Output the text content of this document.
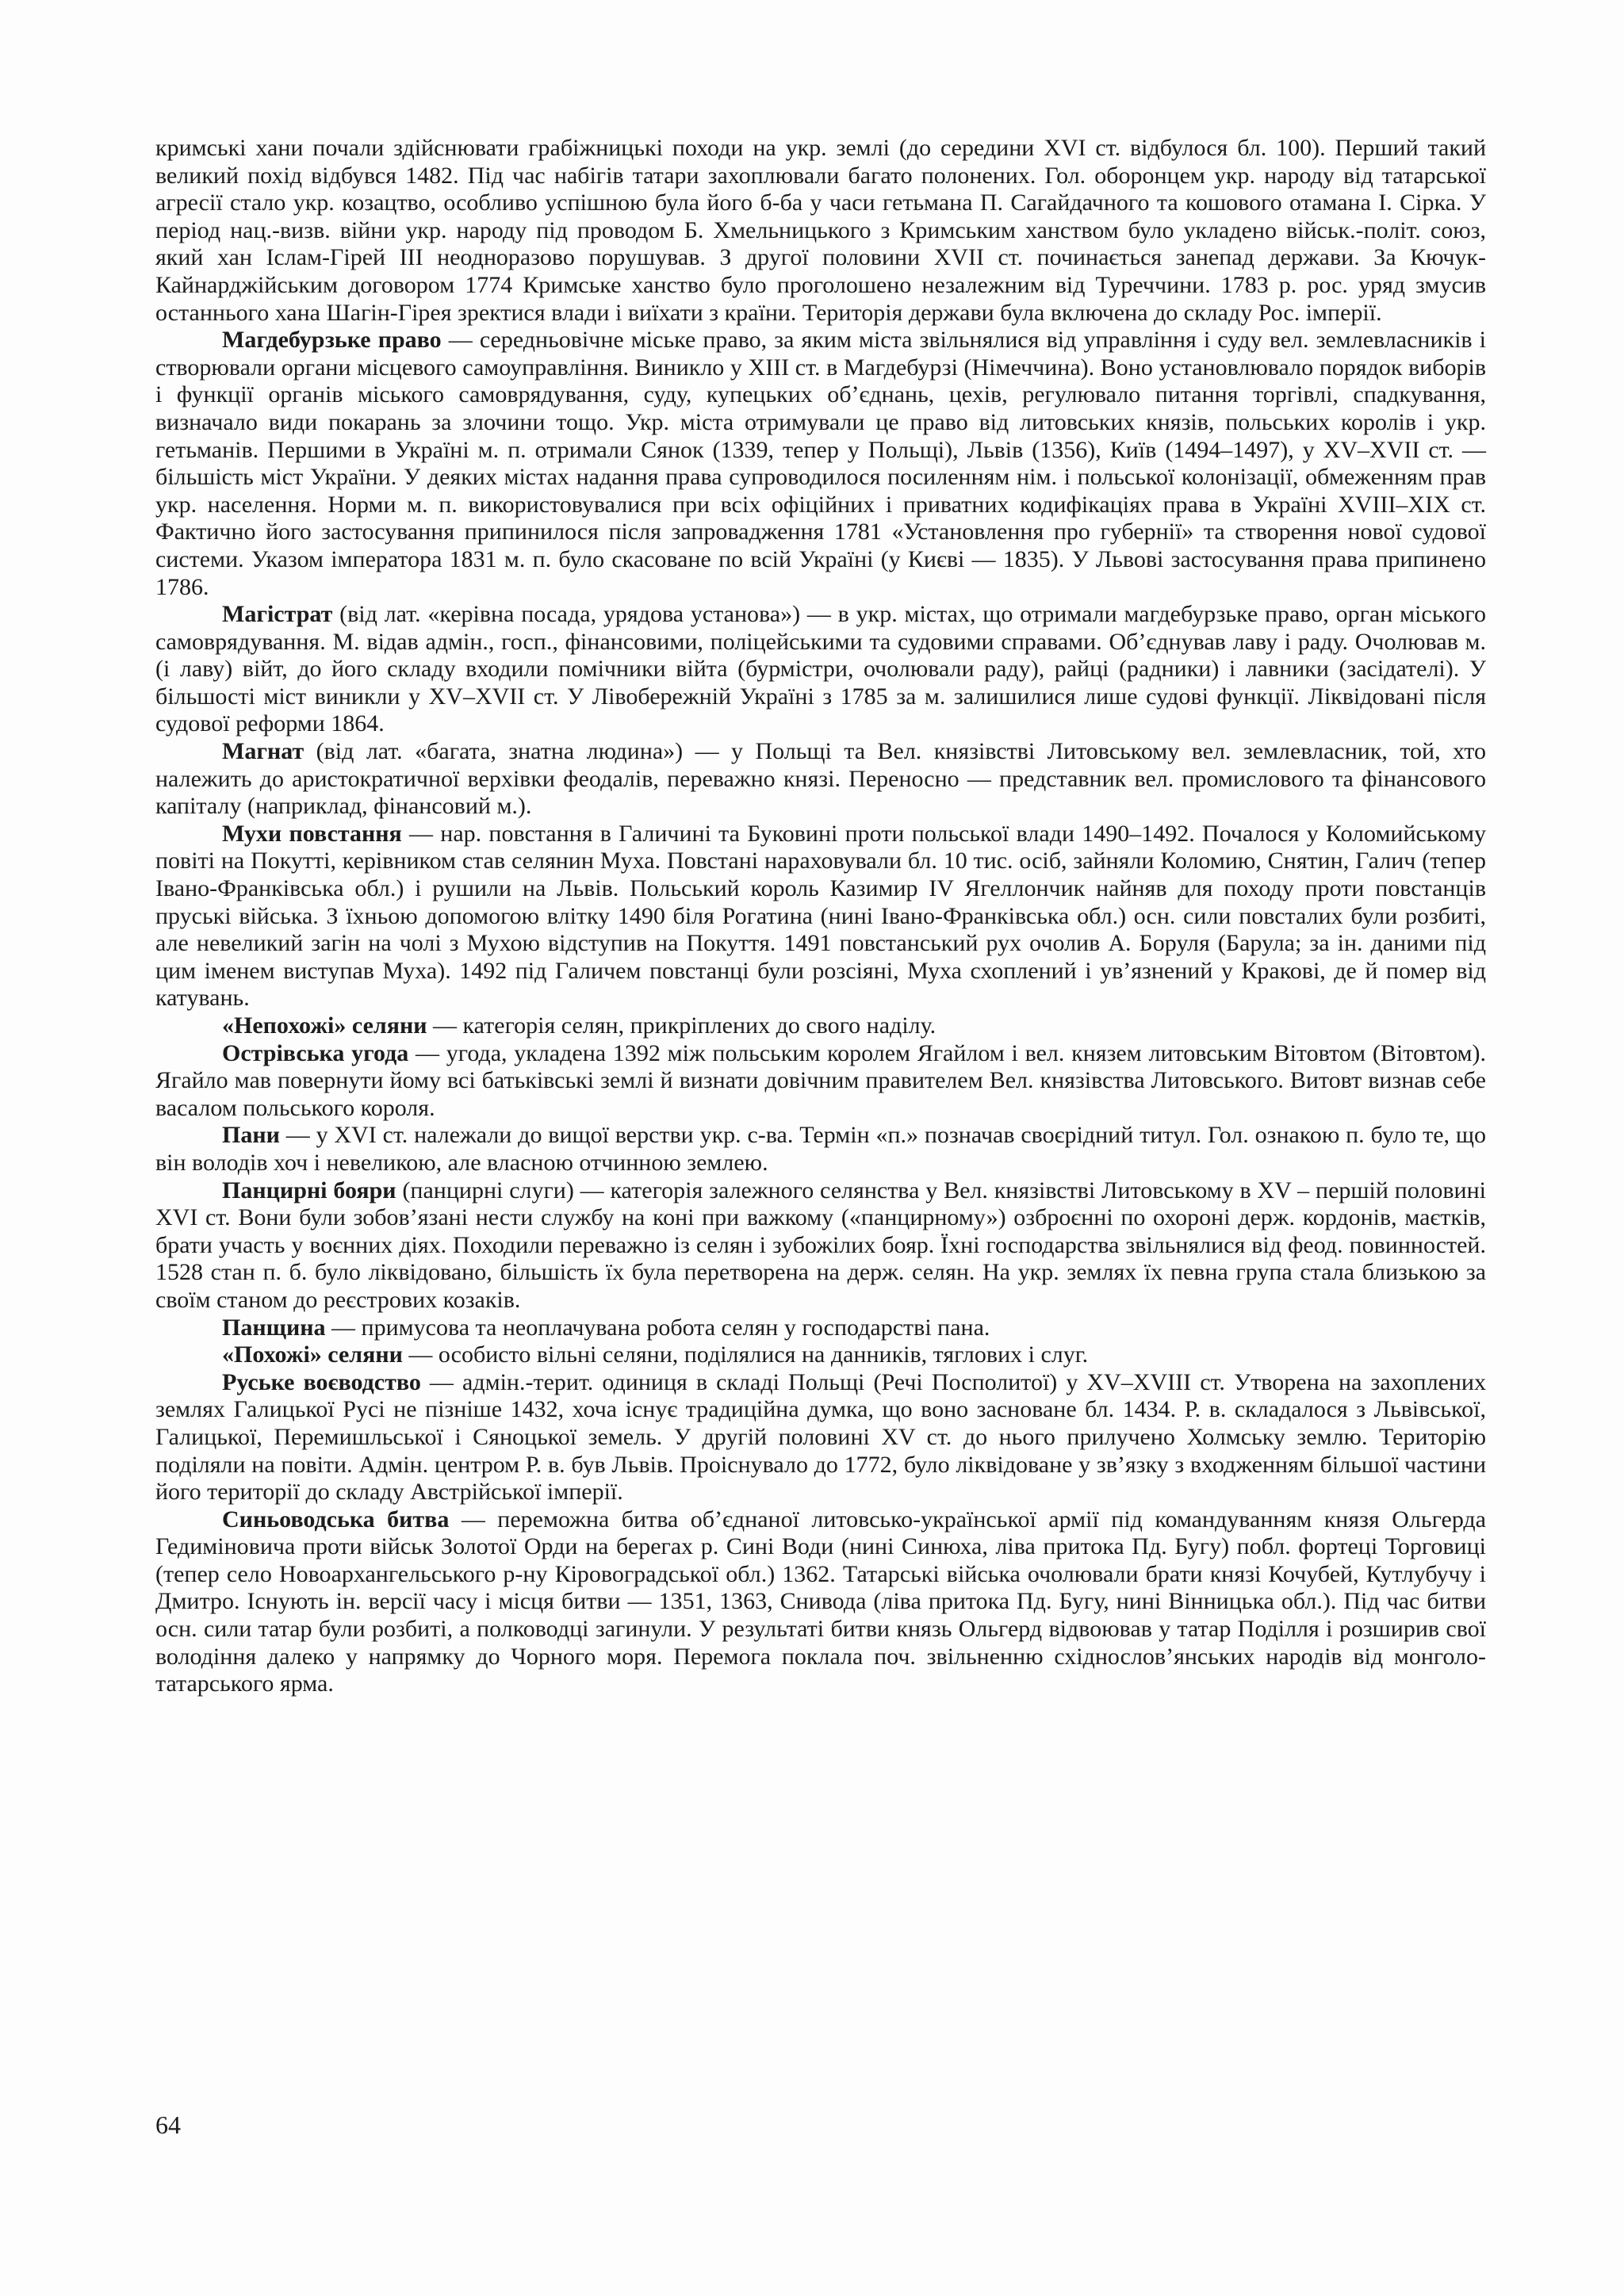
кримські хани почали здійснювати грабіжницькі походи на укр. землі (до середини XVI ст. відбулося бл. 100). Перший такий великий похід відбувся 1482. Під час набігів татари захоплювали багато полонених. Гол. оборонцем укр. народу від татарської агресії стало укр. козацтво, особливо успішною була його б-ба у часи гетьмана П. Сагайдачного та кошового отамана І. Сірка. У період нац.-визв. війни укр. народу під проводом Б. Хмельницького з Кримським ханством було укладено військ.-політ. союз, який хан Іслам-Гірей III неодноразово порушував. З другої половини XVII ст. починається занепад держави. За Кючук-Кайнарджійським договором 1774 Кримське ханство було проголошено незалежним від Туреччини. 1783 р. рос. уряд змусив останнього хана Шагін-Гірея зректися влади і виїхати з країни. Територія держави була включена до складу Рос. імперії.

Магдебурзьке право — середньовічне міське право, за яким міста звільнялися від управління і суду вел. землевласників і створювали органи місцевого самоуправління. Виникло у XIII ст. в Магдебурзі (Німеччина). Воно установлювало порядок виборів і функції органів міського самоврядування, суду, купецьких об’єднань, цехів, регулювало питання торгівлі, спадкування, визначало види покарань за злочини тощо. Укр. міста отримували це право від литовських князів, польських королів і укр. гетьманів. Першими в Україні м. п. отримали Сянок (1339, тепер у Польщі), Львів (1356), Київ (1494–1497), у XV–XVII ст. — більшість міст України. У деяких містах надання права супроводилося посиленням нім. і польської колонізації, обмеженням прав укр. населення. Норми м. п. використовувалися при всіх офіційних і приватних кодифікаціях права в Україні XVIII–XIX ст. Фактично його застосування припинилося після запровадження 1781 «Установлення про губернії» та створення нової судової системи. Указом імператора 1831 м. п. було скасоване по всій Україні (у Києві — 1835). У Львові застосування права припинено 1786.

Магістрат (від лат. «керівна посада, урядова установа») — в укр. містах, що отримали магдебурзьке право, орган міського самоврядування. М. відав адмін., госп., фінансовими, поліцейськими та судовими справами. Об’єднував лаву і раду. Очолював м. (і лаву) війт, до його складу входили помічники війта (бурмістри, очолювали раду), райці (радники) і лавники (засідателі). У більшості міст виникли у XV–XVII ст. У Лівобережній Україні з 1785 за м. залишилися лише судові функції. Ліквідовані після судової реформи 1864.

Магнат (від лат. «багата, знатна людина») — у Польщі та Вел. князівстві Литовському вел. землевласник, той, хто належить до аристократичної верхівки феодалів, переважно князі. Переносно — представник вел. промислового та фінансового капіталу (наприклад, фінансовий м.).

Мухи повстання — нар. повстання в Галичині та Буковині проти польської влади 1490–1492. Почалося у Коломийському повіті на Покутті, керівником став селянин Муха. Повстані нараховували бл. 10 тис. осіб, зайняли Коломию, Снятин, Галич (тепер Івано-Франківська обл.) і рушили на Львів. Польський король Казимир IV Ягеллончик найняв для походу проти повстанців пруські війська. З їхньою допомогою влітку 1490 біля Рогатина (нині Івано-Франківська обл.) осн. сили повсталих були розбиті, але невеликий загін на чолі з Мухою відступив на Покуття. 1491 повстанський рух очолив А. Боруля (Барула; за ін. даними під цим іменем виступав Муха). 1492 під Галичем повстанці були розсіяні, Муха схоплений і ув’язнений у Кракові, де й помер від катувань.

«Непохожі» селяни — категорія селян, прикріплених до свого наділу.

Острівська угода — угода, укладена 1392 між польським королем Ягайлом і вел. князем литовським Вітовтом (Вітовтом). Ягайло мав повернути йому всі батьківські землі й визнати довічним правителем Вел. князівства Литовського. Витовт визнав себе васалом польського короля.

Пани — у XVI ст. належали до вищої верстви укр. с-ва. Термін «п.» позначав своєрідний титул. Гол. ознакою п. було те, що він володів хоч і невеликою, але власною отчинною землею.

Панцирні бояри (панцирні слуги) — категорія залежного селянства у Вел. князівстві Литовському в XV – першій половині XVI ст. Вони були зобов’язані нести службу на коні при важкому («панцирному») озброєнні по охороні держ. кордонів, маєтків, брати участь у воєнних діях. Походили переважно із селян і зубожілих бояр. Їхні господарства звільнялися від феод. повинностей. 1528 стан п. б. було ліквідовано, більшість їх була перетворена на держ. селян. На укр. землях їх певна група стала близькою за своїм станом до реєстрових козаків.

Панщина — примусова та неоплачувана робота селян у господарстві пана.

«Похожі» селяни — особисто вільні селяни, поділялися на данників, тяглових і слуг.

Руське воєводство — адмін.-терит. одиниця в складі Польщі (Речі Посполитої) у XV–XVIII ст. Утворена на захоплених землях Галицької Русі не пізніше 1432, хоча існує традиційна думка, що воно засноване бл. 1434. Р. в. складалося з Львівської, Галицької, Перемишльської і Сяноцької земель. У другій половині XV ст. до нього прилучено Холмську землю. Територію поділяли на повіти. Адмін. центром Р. в. був Львів. Проіснувало до 1772, було ліквідоване у зв’язку з входженням більшої частини його території до складу Австрійської імперії.

Синьоводська битва — переможна битва об’єднаної литовсько-української армії під командуванням князя Ольгерда Гедиміновича проти військ Золотої Орди на берегах р. Сині Води (нині Синюха, ліва притока Пд. Бугу) побл. фортеці Торговиці (тепер село Новоархангельського р-ну Кіровоградської обл.) 1362. Татарські війська очолювали брати князі Кочубей, Кутлубучу і Дмитро. Існують ін. версії часу і місця битви — 1351, 1363, Снивода (ліва притока Пд. Бугу, нині Вінницька обл.). Під час битви осн. сили татар були розбиті, а полководці загинули. У результаті битви князь Ольгерд відвоював у татар Поділля і розширив свої володіння далеко у напрямку до Чорного моря. Перемога поклала поч. звільненню східнослов’янських народів від монголо-татарського ярма.

64
